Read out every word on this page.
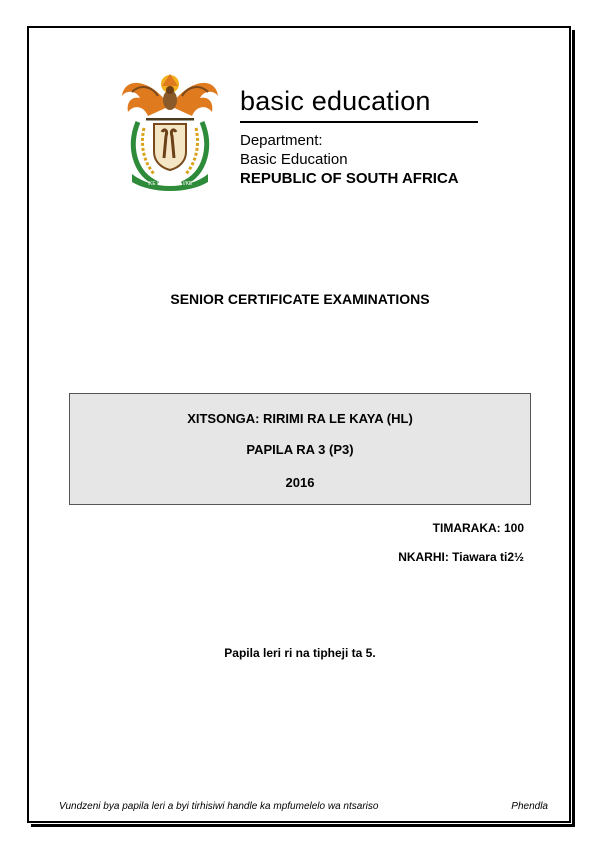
!KE E: /XARRA //KE
basic education
Department:
Basic Education
REPUBLIC OF SOUTH AFRICA
SENIOR CERTIFICATE EXAMINATIONS
XITSONGA: RIRIMI RA LE KAYA (HL)
PAPILA RA 3 (P3)
2016
TIMARAKA: 100
NKARHI: Tiawara ti2½
Papila leri ri na tipheji ta 5.
Vundzeni bya papila leri a byi tirhisiwi handle ka mpfumelelo wa ntsariso	Phendla
